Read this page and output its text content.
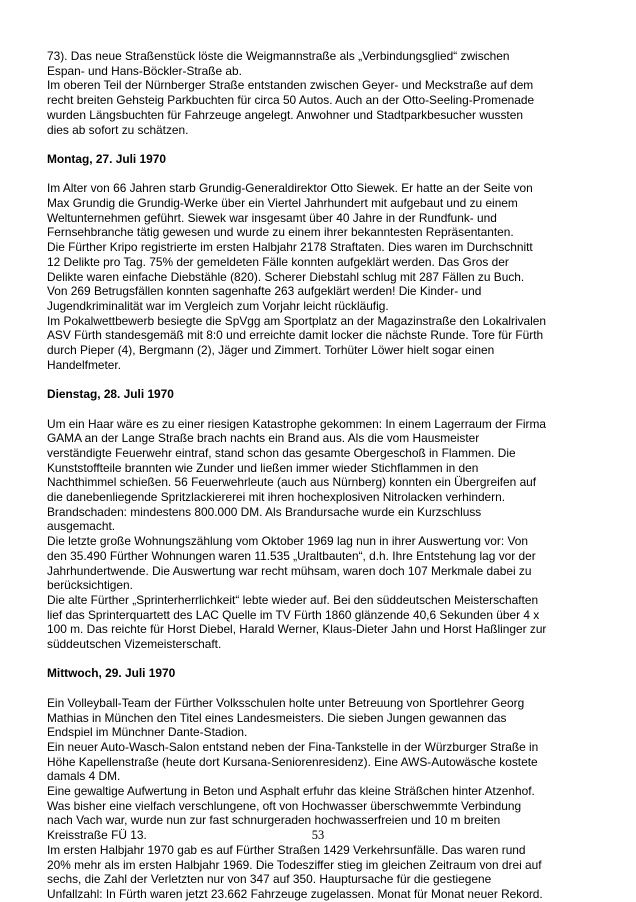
73). Das neue Straßenstück löste die Weigmannstraße als „Verbindungsglied“ zwischen Espan- und Hans-Böckler-Straße ab.

Im oberen Teil der Nürnberger Straße entstanden zwischen Geyer- und Meckstraße auf dem recht breiten Gehsteig Parkbuchten für circa 50 Autos. Auch an der Otto-Seeling-Promenade wurden Längsbuchten für Fahrzeuge angelegt. Anwohner und Stadtparkbesucher wussten dies ab sofort zu schätzen.

Montag, 27. Juli 1970

Im Alter von 66 Jahren starb Grundig-Generaldirektor Otto Siewek. Er hatte an der Seite von Max Grundig die Grundig-Werke über ein Viertel Jahrhundert mit aufgebaut und zu einem Weltunternehmen geführt. Siewek war insgesamt über 40 Jahre in der Rundfunk- und Fernsehbranche tätig gewesen und wurde zu einem ihrer bekanntesten Repräsentanten.

Die Fürther Kripo registrierte im ersten Halbjahr 2178 Straftaten. Dies waren im Durchschnitt 12 Delikte pro Tag. 75% der gemeldeten Fälle konnten aufgeklärt werden. Das Gros der Delikte waren einfache Diebstähle (820). Scherer Diebstahl schlug mit 287 Fällen zu Buch. Von 269 Betrugsfällen konnten sagenhafte 263 aufgeklärt werden! Die Kinder- und Jugendkriminalität war im Vergleich zum Vorjahr leicht rückläufig.

Im Pokalwettbewerb besiegte die SpVgg am Sportplatz an der Magazinstraße den Lokalrivalen ASV Fürth standesgemäß mit 8:0 und erreichte damit locker die nächste Runde. Tore für Fürth durch Pieper (4), Bergmann (2), Jäger und Zimmert. Torhüter Löwer hielt sogar einen Handelfmeter.

Dienstag, 28. Juli 1970

Um ein Haar wäre es zu einer riesigen Katastrophe gekommen: In einem Lagerraum der Firma GAMA an der Lange Straße brach nachts ein Brand aus. Als die vom Hausmeister verständigte Feuerwehr eintraf, stand schon das gesamte Obergeschoß in Flammen. Die Kunststoffteile brannten wie Zunder und ließen immer wieder Stichflammen in den Nachthimmel schießen. 56 Feuerwehrleute (auch aus Nürnberg) konnten ein Übergreifen auf die danebenliegende Spritzlackiererei mit ihren hochexplosiven Nitrolacken verhindern. Brandschaden: mindestens 800.000 DM. Als Brandursache wurde ein Kurzschluss ausgemacht.

Die letzte große Wohnungszählung vom Oktober 1969 lag nun in ihrer Auswertung vor: Von den 35.490 Fürther Wohnungen waren 11.535 „Uraltbauten“, d.h. Ihre Entstehung lag vor der Jahrhundertwende. Die Auswertung war recht mühsam, waren doch 107 Merkmale dabei zu berücksichtigen.

Die alte Fürther „Sprinterherrlichkeit“ lebte wieder auf. Bei den süddeutschen Meisterschaften lief das Sprinterquartett des LAC Quelle im TV Fürth 1860 glänzende 40,6 Sekunden über 4 x 100 m. Das reichte für Horst Diebel, Harald Werner, Klaus-Dieter Jahn und Horst Haßlinger zur süddeutschen Vizemeisterschaft.

Mittwoch, 29. Juli 1970

Ein Volleyball-Team der Fürther Volksschulen holte unter Betreuung von Sportlehrer Georg Mathias in München den Titel eines Landesmeisters. Die sieben Jungen gewannen das Endspiel im Münchner Dante-Stadion.

Ein neuer Auto-Wasch-Salon entstand neben der Fina-Tankstelle in der Würzburger Straße in Höhe Kapellenstraße (heute dort Kursana-Seniorenresidenz). Eine AWS-Autowäsche kostete damals 4 DM.

Eine gewaltige Aufwertung in Beton und Asphalt erfuhr das kleine Sträßchen hinter Atzenhof. Was bisher eine vielfach verschlungene, oft von Hochwasser überschwemmte Verbindung nach Vach war, wurde nun zur fast schnurgeraden hochwasserfreien und 10 m breiten Kreisstraße FÜ 13.

Im ersten Halbjahr 1970 gab es auf Fürther Straßen 1429 Verkehrsunfälle. Das waren rund 20% mehr als im ersten Halbjahr 1969. Die Todesziffer stieg im gleichen Zeitraum von drei auf sechs, die Zahl der Verletzten nur von 347 auf 350. Hauptursache für die gestiegene Unfallzahl: In Fürth waren jetzt 23.662 Fahrzeuge zugelassen. Monat für Monat neuer Rekord.

53
